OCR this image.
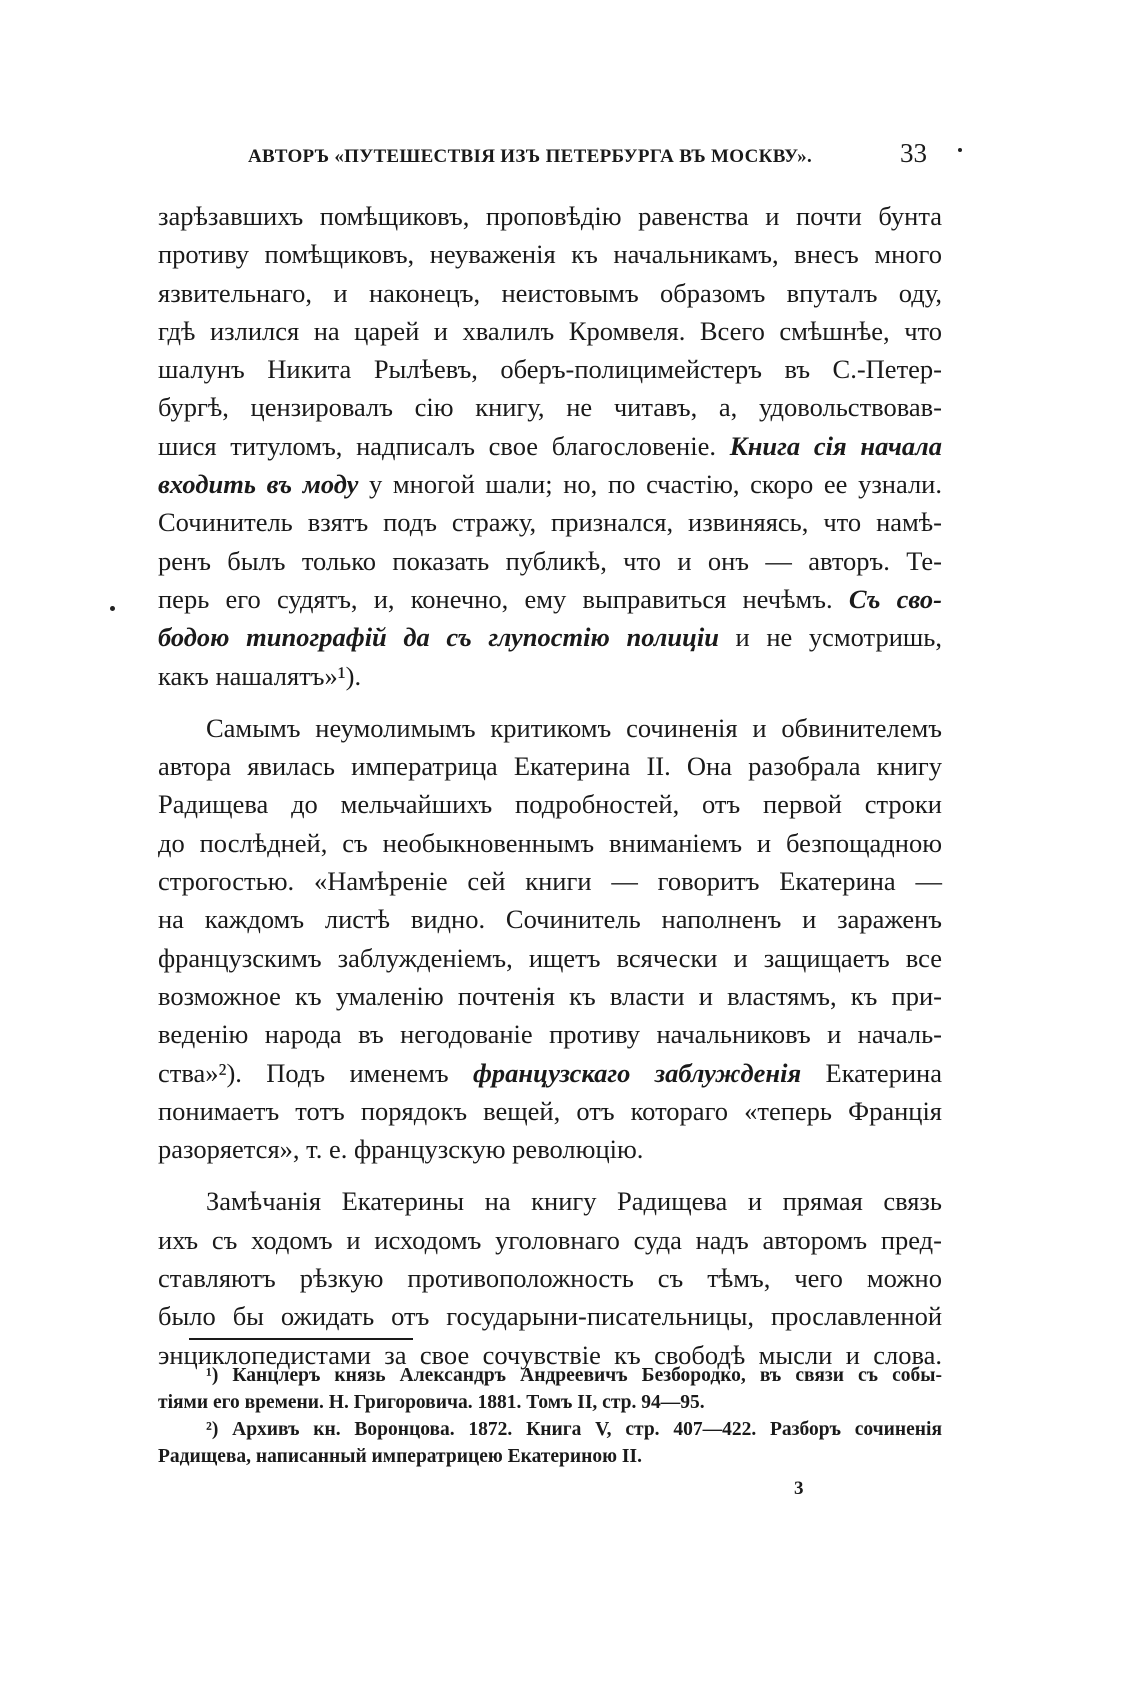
АВТОРЪ «ПУТЕШЕСТВІЯ ИЗЪ ПЕТЕРБУРГА ВЪ МОСКВУ».	33
зарѣзавшихъ помѣщиковъ, проповѣдію равенства и почти бунта
противу помѣщиковъ, неуваженія къ начальникамъ, внесъ много
язвительнаго, и наконецъ, неистовымъ образомъ впуталъ оду,
гдѣ излился на царей и хвалилъ Кромвеля. Всего смѣшнѣе, что
шалунъ Никита Рылѣевъ, оберъ-полицимейстеръ въ С.-Петер-
бургѣ, цензировалъ сію книгу, не читавъ, а, удовольствовав-
шися титуломъ, надписалъ свое благословеніе. Книга сія начала
входить въ моду у многой шали; но, по счастію, скоро ее узнали.
Сочинитель взятъ подъ стражу, признался, извиняясь, что намѣ-
ренъ былъ только показать публикѣ, что и онъ — авторъ. Те-
перь его судятъ, и, конечно, ему выправиться нечѣмъ. Съ сво-
бодою типографій да съ глупостію полиціи и не усмотришь,
какъ нашалятъ»¹).
Самымъ неумолимымъ критикомъ сочиненія и обвинителемъ
автора явилась императрица Екатерина II. Она разобрала книгу
Радищева до мельчайшихъ подробностей, отъ первой строки
до послѣдней, съ необыкновеннымъ вниманіемъ и безпощадною
строгостью. «Намѣреніе сей книги — говоритъ Екатерина —
на каждомъ листѣ видно. Сочинитель наполненъ и зараженъ
французскимъ заблужденіемъ, ищетъ всячески и защищаетъ все
возможное къ умаленію почтенія къ власти и властямъ, къ при-
веденію народа въ негодованіе противу начальниковъ и началь-
ства»²). Подъ именемъ французскаго заблужденія Екатерина
понимаетъ тотъ порядокъ вещей, отъ котораго «теперь Франція
разоряется», т. е. французскую революцію.
Замѣчанія Екатерины на книгу Радищева и прямая связь
ихъ съ ходомъ и исходомъ уголовнаго суда надъ авторомъ пред-
ставляютъ рѣзкую противоположность съ тѣмъ, чего можно
было бы ожидать отъ государыни-писательницы, прославленной
энциклопедистами за свое сочувствіе къ свободѣ мысли и слова.
¹) Канцлеръ князь Александръ Андреевичъ Безбородко, въ связи съ собы-
тіями его времени. Н. Григоровича. 1881. Томъ II, стр. 94—95.
²) Архивъ кн. Воронцова. 1872. Книга V, стр. 407—422. Разборъ сочиненія
Радищева, написанный императрицею Екатериною II.
3
